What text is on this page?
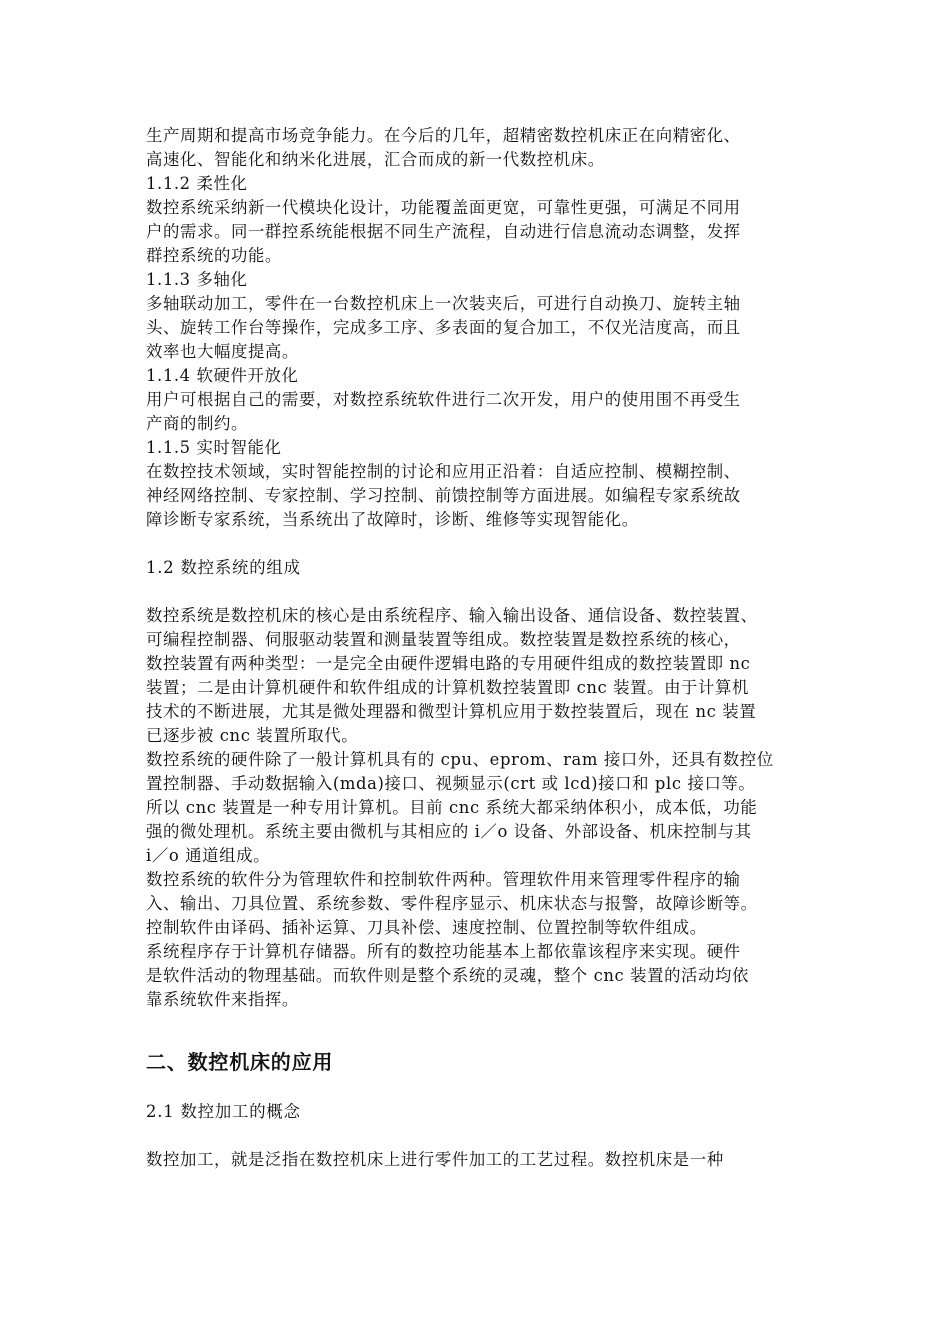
生产周期和提高市场竞争能力。在今后的几年，超精密数控机床正在向精密化、
高速化、智能化和纳米化进展，汇合而成的新一代数控机床。
1.1.2 柔性化
数控系统采纳新一代模块化设计，功能覆盖面更宽，可靠性更强，可满足不同用
户的需求。同一群控系统能根据不同生产流程，自动进行信息流动态调整，发挥
群控系统的功能。
1.1.3 多轴化
多轴联动加工，零件在一台数控机床上一次装夹后，可进行自动换刀、旋转主轴
头、旋转工作台等操作，完成多工序、多表面的复合加工，不仅光洁度高，而且
效率也大幅度提高。
1.1.4 软硬件开放化
用户可根据自己的需要，对数控系统软件进行二次开发，用户的使用围不再受生
产商的制约。
1.1.5 实时智能化
在数控技术领域，实时智能控制的讨论和应用正沿着：自适应控制、模糊控制、
神经网络控制、专家控制、学习控制、前馈控制等方面进展。如编程专家系统故
障诊断专家系统，当系统出了故障时，诊断、维修等实现智能化。
1.2 数控系统的组成
数控系统是数控机床的核心是由系统程序、输入输出设备、通信设备、数控装置、
可编程控制器、伺服驱动装置和测量装置等组成。数控装置是数控系统的核心，
数控装置有两种类型：一是完全由硬件逻辑电路的专用硬件组成的数控装置即 nc
装置；二是由计算机硬件和软件组成的计算机数控装置即 cnc 装置。由于计算机
技术的不断进展，尤其是微处理器和微型计算机应用于数控装置后，现在 nc 装置
已逐步被 cnc 装置所取代。
数控系统的硬件除了一般计算机具有的 cpu、eprom、ram 接口外，还具有数控位
置控制器、手动数据输入(mda)接口、视频显示(crt 或 lcd)接口和 plc 接口等。
所以 cnc 装置是一种专用计算机。目前 cnc 系统大都采纳体积小，成本低，功能
强的微处理机。系统主要由微机与其相应的 i／o 设备、外部设备、机床控制与其
i／o 通道组成。
数控系统的软件分为管理软件和控制软件两种。管理软件用来管理零件程序的输
入、输出、刀具位置、系统参数、零件程序显示、机床状态与报警，故障诊断等。
控制软件由译码、插补运算、刀具补偿、速度控制、位置控制等软件组成。
系统程序存于计算机存储器。所有的数控功能基本上都依靠该程序来实现。硬件
是软件活动的物理基础。而软件则是整个系统的灵魂，整个 cnc 装置的活动均依
靠系统软件来指挥。
二、数控机床的应用
2.1 数控加工的概念
数控加工，就是泛指在数控机床上进行零件加工的工艺过程。数控机床是一种
